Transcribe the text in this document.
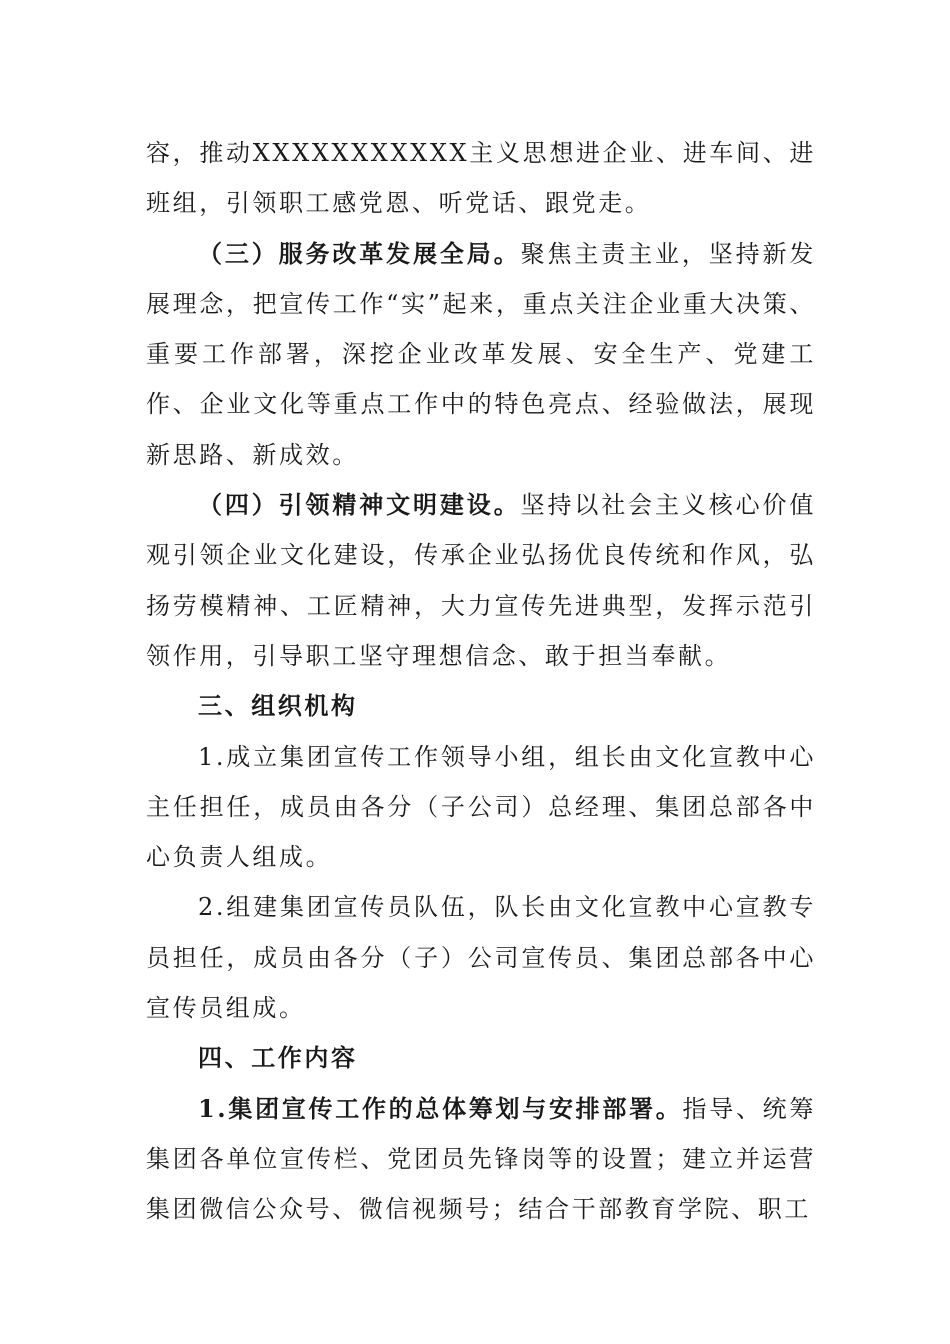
容，推动XXXXXXXXXXX主义思想进企业、进车间、进班组，引领职工感党恩、听党话、跟党走。

（三）服务改革发展全局。聚焦主责主业，坚持新发展理念，把宣传工作“实”起来，重点关注企业重大决策、重要工作部署，深挖企业改革发展、安全生产、党建工作、企业文化等重点工作中的特色亮点、经验做法，展现新思路、新成效。

（四）引领精神文明建设。坚持以社会主义核心价值观引领企业文化建设，传承企业弘扬优良传统和作风，弘扬劳模精神、工匠精神，大力宣传先进典型，发挥示范引领作用，引导职工坚守理想信念、敢于担当奉献。

三、组织机构

1.成立集团宣传工作领导小组，组长由文化宣教中心主任担任，成员由各分（子公司）总经理、集团总部各中心负责人组成。

2.组建集团宣传员队伍，队长由文化宣教中心宣教专员担任，成员由各分（子）公司宣传员、集团总部各中心宣传员组成。

四、工作内容

1.集团宣传工作的总体筹划与安排部署。指导、统筹集团各单位宣传栏、党团员先锋岗等的设置；建立并运营集团微信公众号、微信视频号；结合干部教育学院、职工
